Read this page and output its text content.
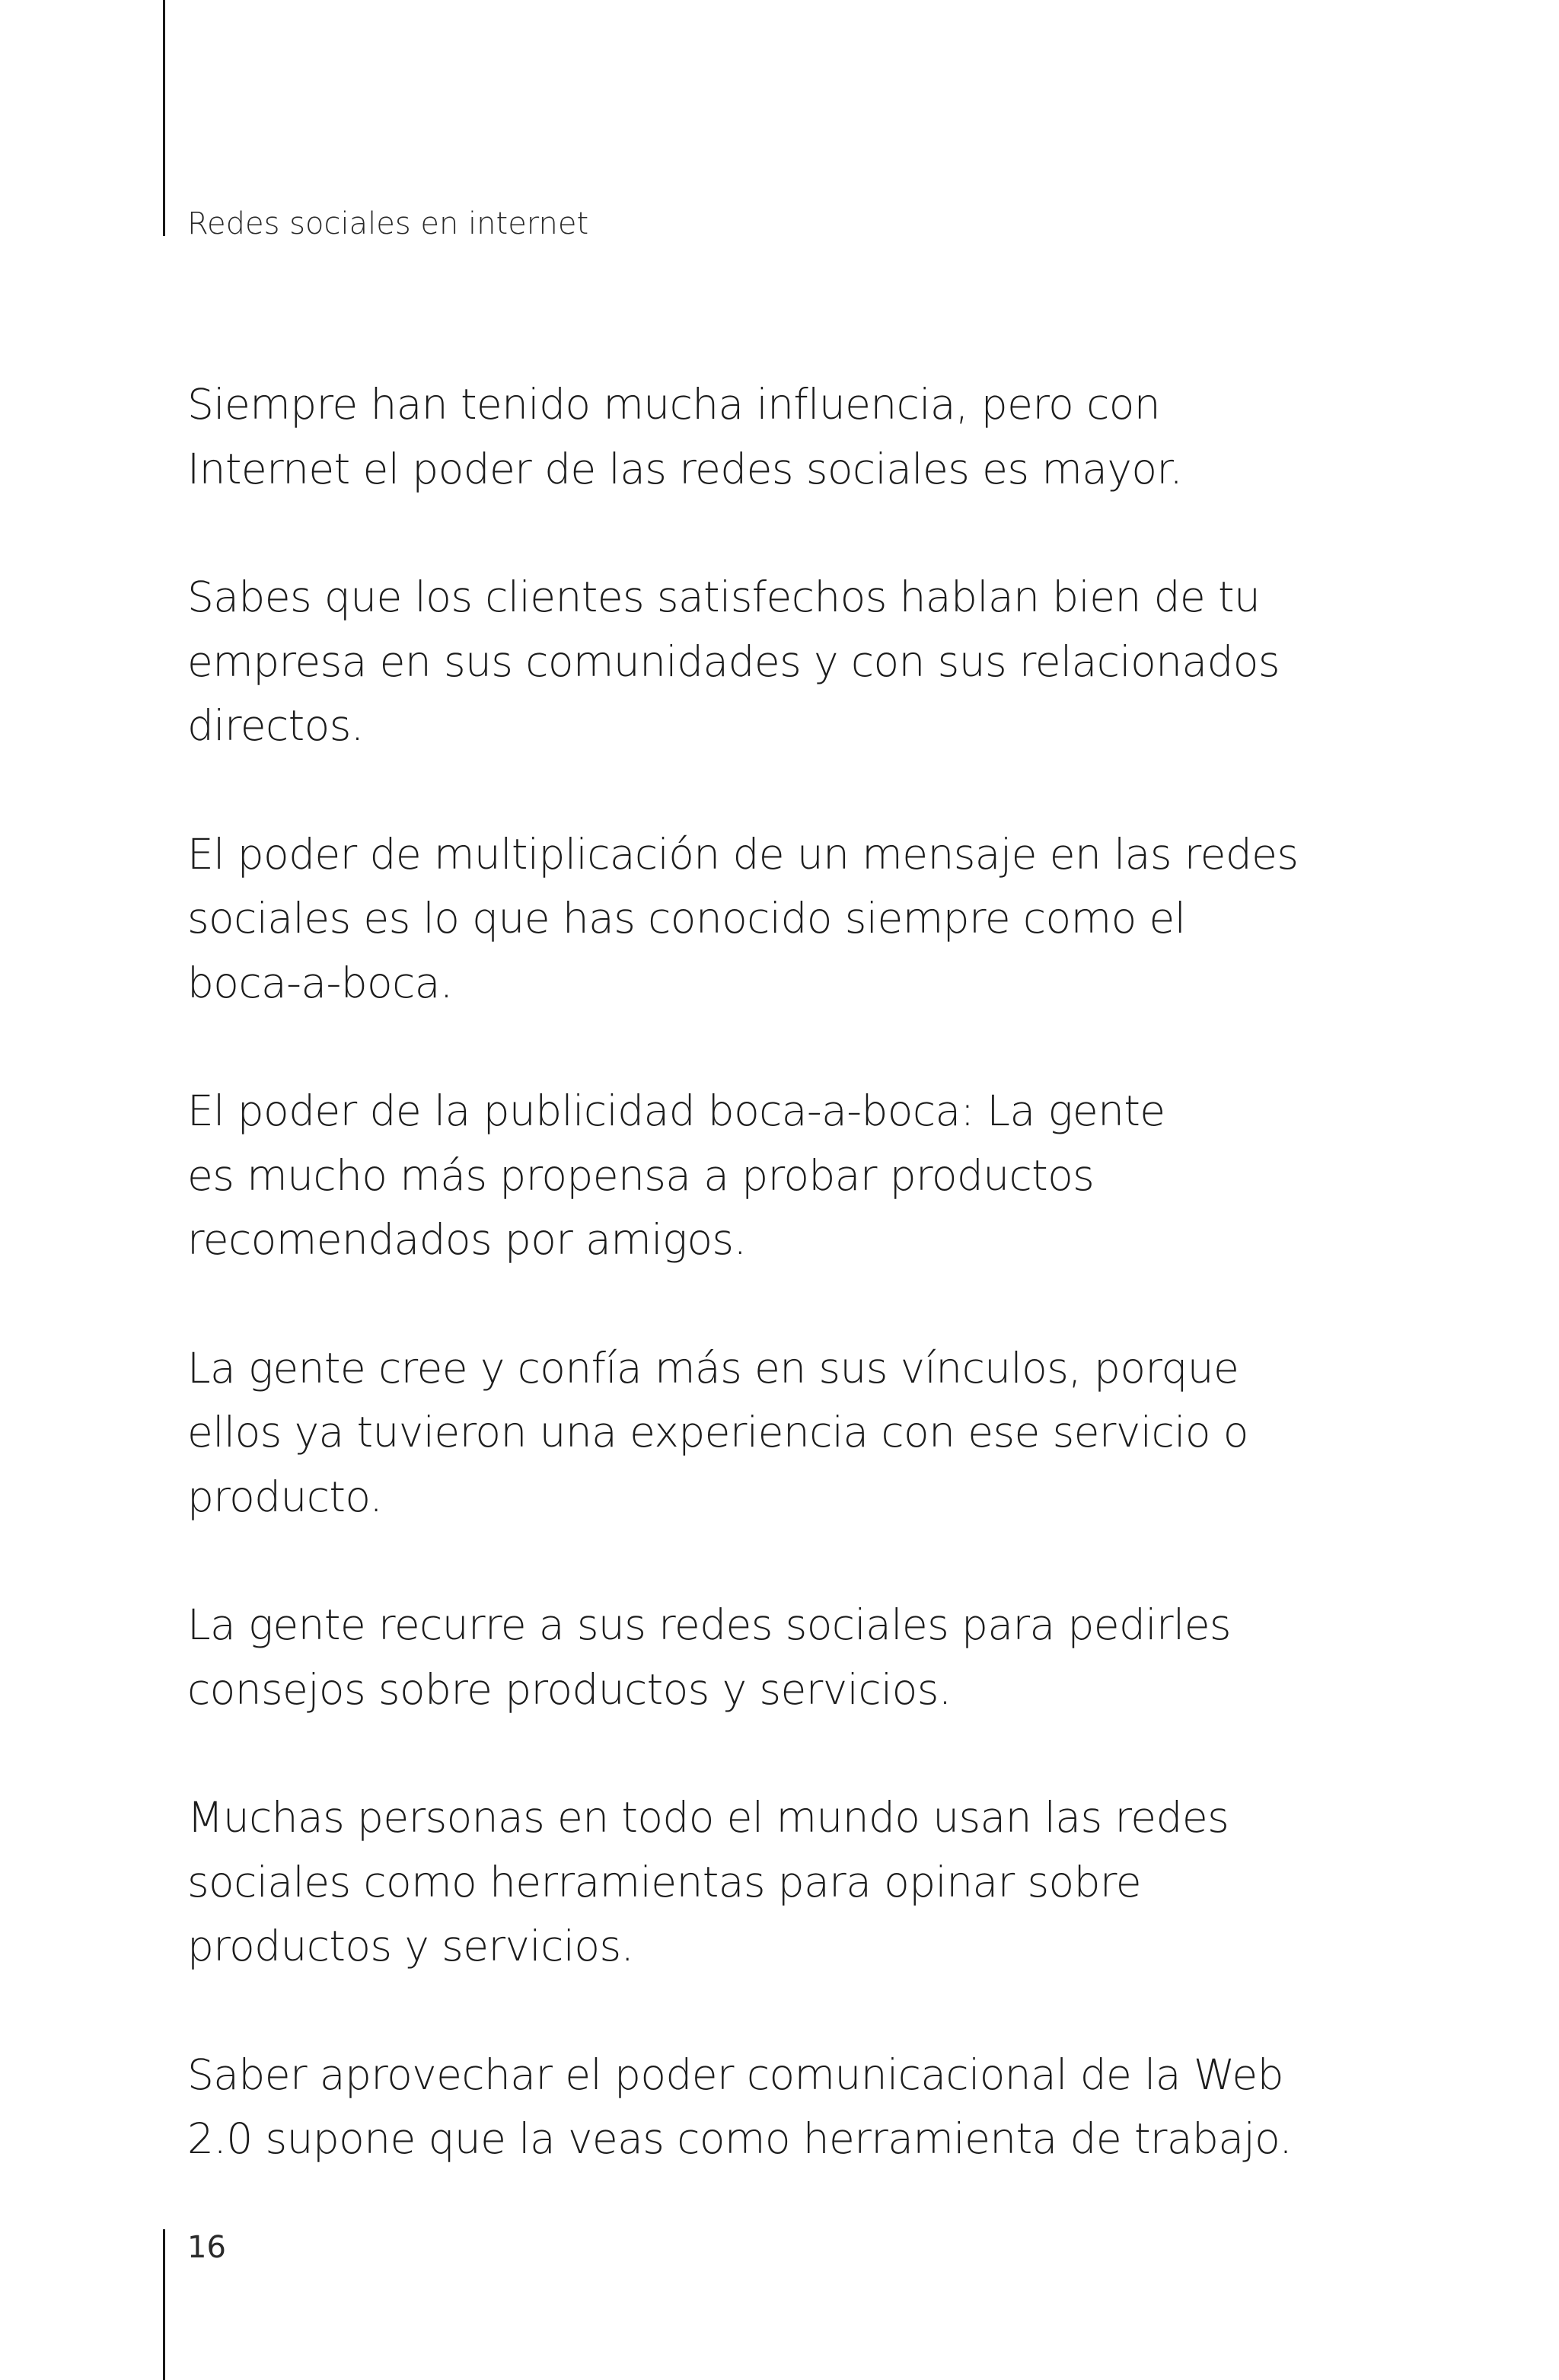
Redes sociales en internet

Siempre han tenido mucha influencia, pero con
Internet el poder de las redes sociales es mayor.

Sabes que los clientes satisfechos hablan bien de tu
empresa en sus comunidades y con sus relacionados
directos.

El poder de multiplicación de un mensaje en las redes
sociales es lo que has conocido siempre como el
boca-a-boca.

El poder de la publicidad boca-a-boca: La gente
es mucho más propensa a probar productos
recomendados por amigos.

La gente cree y confía más en sus vínculos, porque
ellos ya tuvieron una experiencia con ese servicio o
producto.

La gente recurre a sus redes sociales para pedirles
consejos sobre productos y servicios.

Muchas personas en todo el mundo usan las redes
sociales como herramientas para opinar sobre
productos y servicios.

Saber aprovechar el poder comunicacional de la Web
2.0 supone que la veas como herramienta de trabajo.

16
